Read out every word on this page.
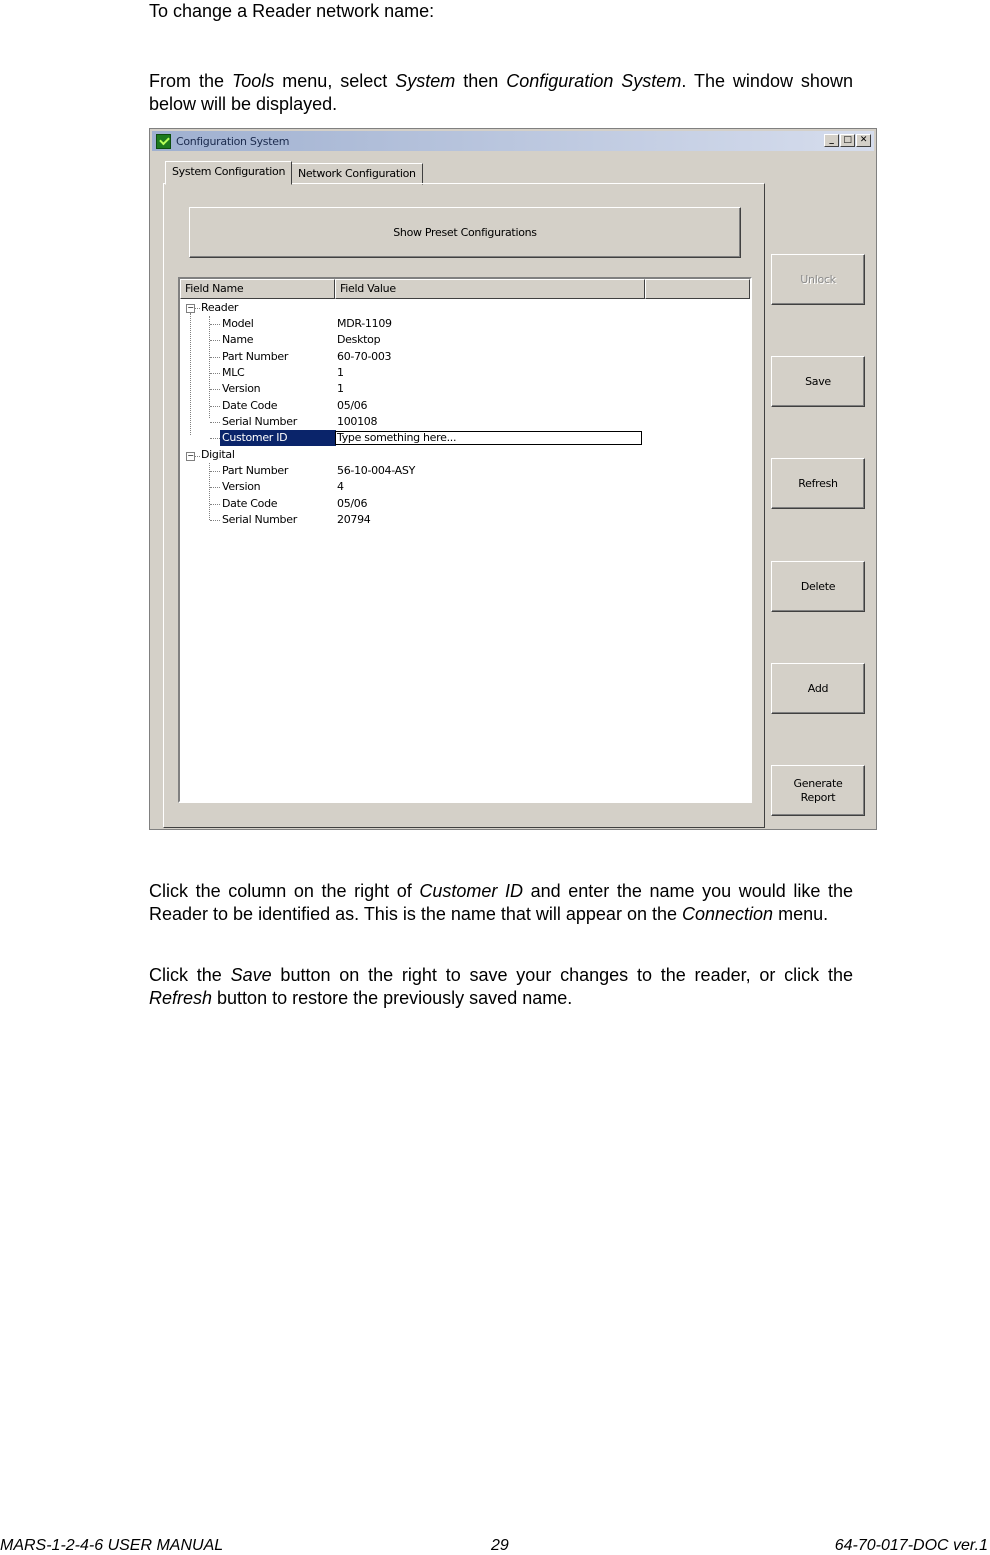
To change a Reader network name:

From the Tools menu, select System then Configuration System. The window shown below will be displayed.

Configuration System	_	□ ✕
System Configuration	Network Configuration
Show Preset Configurations
Field Name	Field Value
− Reader
Model	MDR-1109
Name	Desktop
Part Number	60-70-003
MLC	1
Version	1
Date Code	05/06
Serial Number	100108
Customer ID	Type something here...
− Digital
Part Number	56-10-004-ASY
Version	4
Date Code	05/06
Serial Number	20794
Unlock
Save
Refresh
Delete
Add
Generate
Report

Click the column on the right of Customer ID and enter the name you would like the Reader to be identified as. This is the name that will appear on the Connection menu.

Click the Save button on the right to save your changes to the reader, or click the Refresh button to restore the previously saved name.

MARS-1-2-4-6 USER MANUAL	29	64-70-017-DOC ver.1
